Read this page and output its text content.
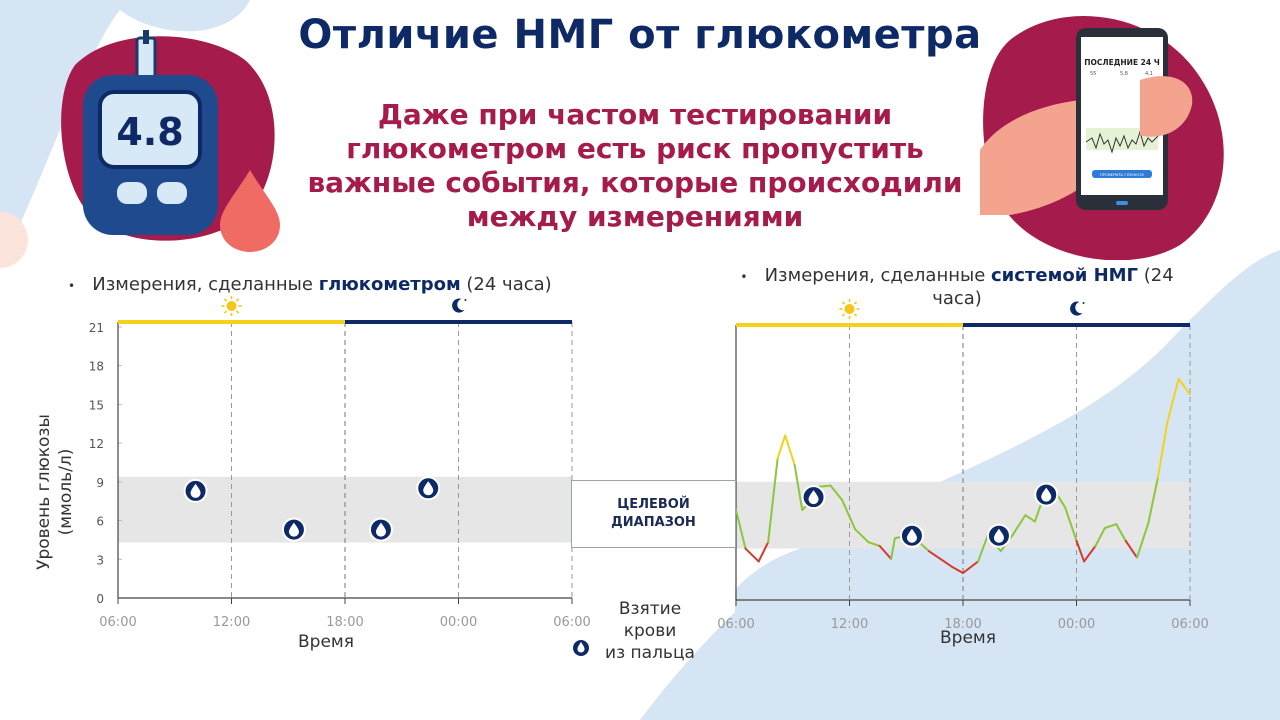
4.8
ПОСЛЕДНИЕ 24 Ч
55	5,8	4,1
ПРОВЕРИТЬ ГЛЮКОЗУ
Отличие НМГ от глюкометра
Даже при частом тестировании глюкометром есть риск пропустить важные события, которые происходили между измерениями
• Измерения, сделанные глюкометром (24 часа)	• Измерения, сделанные системой НМГ (24 часа)
0
3
6
9
12
15
18
21
06:00	12:00	18:00	00:00	06:00	06:00	12:00	18:00	00:00	06:00
Уровень глюкозы (ммоль/л)
Время	Время
ЦЕЛЕВОЙ
ДИАПАЗОН
Взятие
крови
из пальца
